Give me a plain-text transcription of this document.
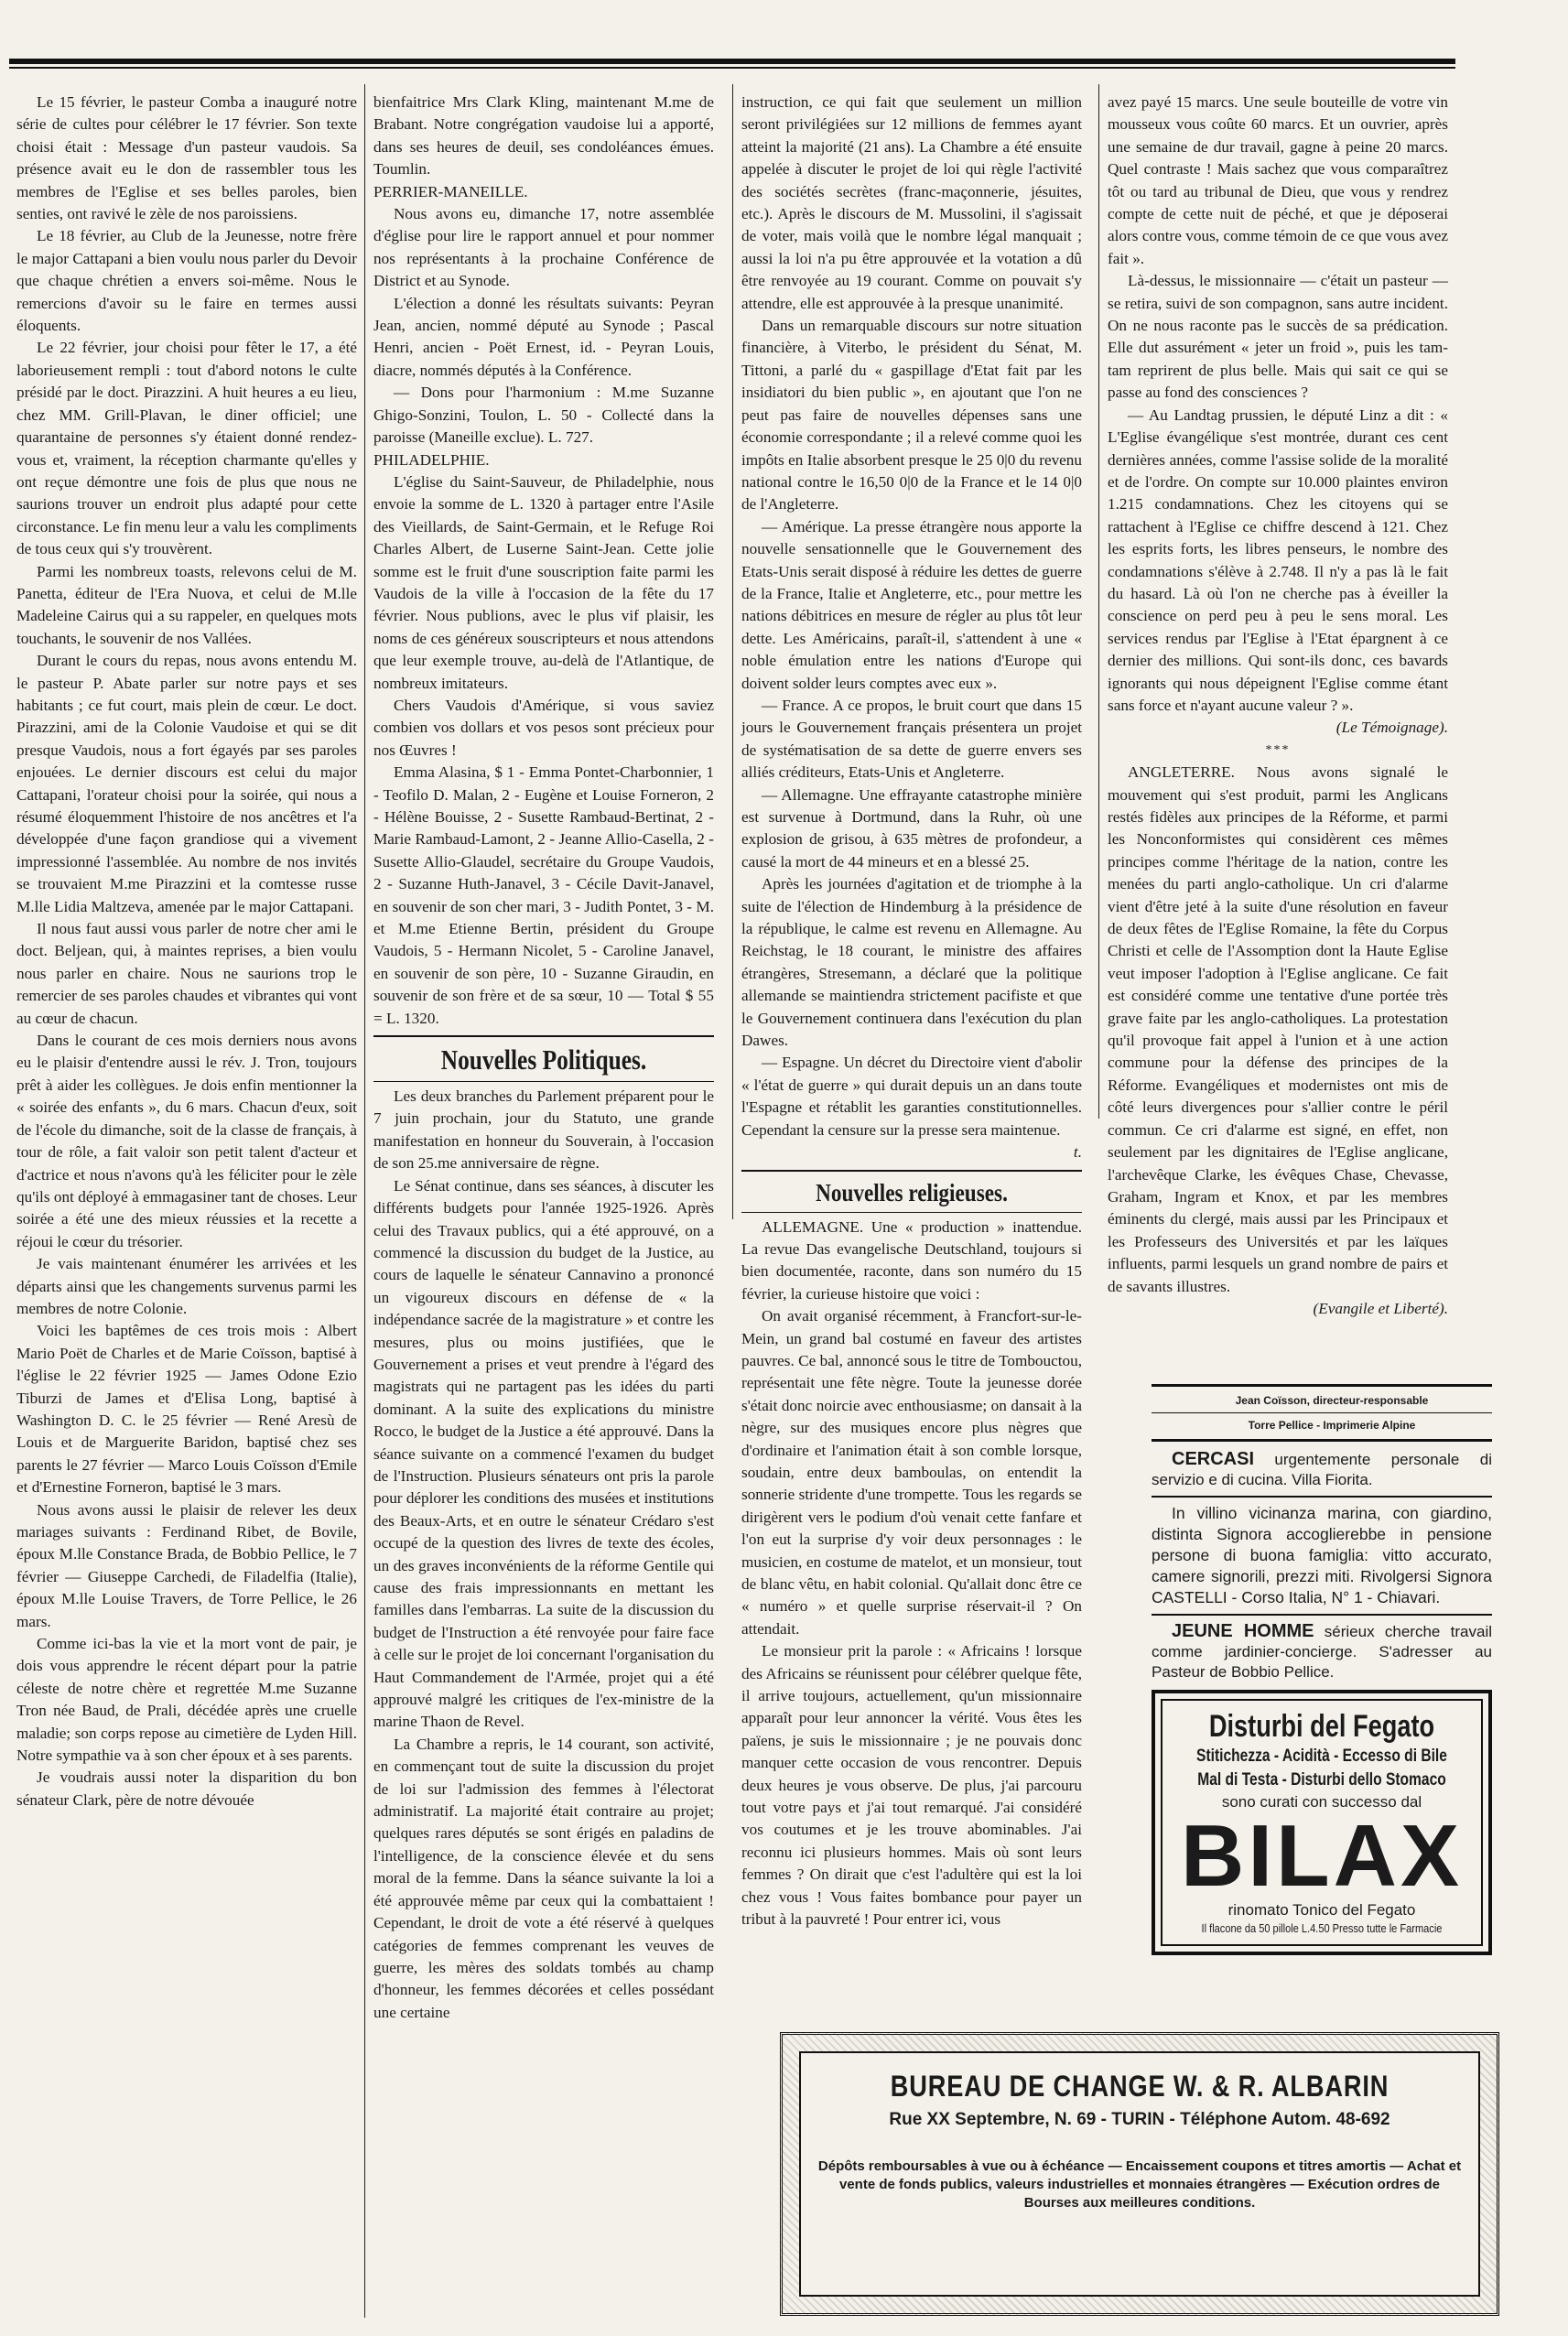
Le 15 février, le pasteur Comba a inauguré notre série de cultes pour célébrer le 17 février. Son texte choisi était : Message d'un pasteur vaudois. Sa présence avait eu le don de rassembler tous les membres de l'Eglise et ses belles paroles, bien senties, ont ravivé le zèle de nos paroissiens.

Le 18 février, au Club de la Jeunesse, notre frère le major Cattapani a bien voulu nous parler du Devoir que chaque chrétien a envers soi-même. Nous le remercions d'avoir su le faire en termes aussi éloquents.

Le 22 février, jour choisi pour fêter le 17, a été laborieusement rempli : tout d'abord notons le culte présidé par le doct. Pirazzini. A huit heures a eu lieu, chez MM. Grill-Plavan, le diner officiel; une quarantaine de personnes s'y étaient donné rendez-vous et, vraiment, la réception charmante qu'elles y ont reçue démontre une fois de plus que nous ne saurions trouver un endroit plus adapté pour cette circonstance. Le fin menu leur a valu les compliments de tous ceux qui s'y trouvèrent.

Parmi les nombreux toasts, relevons celui de M. Panetta, éditeur de l'Era Nuova, et celui de M.lle Madeleine Cairus qui a su rappeler, en quelques mots touchants, le souvenir de nos Vallées.

Durant le cours du repas, nous avons entendu M. le pasteur P. Abate parler sur notre pays et ses habitants ; ce fut court, mais plein de cœur. Le doct. Pirazzini, ami de la Colonie Vaudoise et qui se dit presque Vaudois, nous a fort égayés par ses paroles enjouées. Le dernier discours est celui du major Cattapani, l'orateur choisi pour la soirée, qui nous a résumé éloquemment l'histoire de nos ancêtres et l'a développée d'une façon grandiose qui a vivement impressionné l'assemblée. Au nombre de nos invités se trouvaient M.me Pirazzini et la comtesse russe M.lle Lidia Maltzeva, amenée par le major Cattapani.

Il nous faut aussi vous parler de notre cher ami le doct. Beljean, qui, à maintes reprises, a bien voulu nous parler en chaire. Nous ne saurions trop le remercier de ses paroles chaudes et vibrantes qui vont au cœur de chacun.

Dans le courant de ces mois derniers nous avons eu le plaisir d'entendre aussi le rév. J. Tron, toujours prêt à aider les collègues. Je dois enfin mentionner la « soirée des enfants », du 6 mars. Chacun d'eux, soit de l'école du dimanche, soit de la classe de français, à tour de rôle, a fait valoir son petit talent d'acteur et d'actrice et nous n'avons qu'à les féliciter pour le zèle qu'ils ont déployé à emmagasiner tant de choses. Leur soirée a été une des mieux réussies et la recette a réjoui le cœur du trésorier.

Je vais maintenant énumérer les arrivées et les départs ainsi que les changements survenus parmi les membres de notre Colonie.

Voici les baptêmes de ces trois mois : Albert Mario Poët de Charles et de Marie Coïsson, baptisé à l'église le 22 février 1925 — James Odone Ezio Tiburzi de James et d'Elisa Long, baptisé à Washington D. C. le 25 février — René Aresù de Louis et de Marguerite Baridon, baptisé chez ses parents le 27 février — Marco Louis Coïsson d'Emile et d'Ernestine Forneron, baptisé le 3 mars.

Nous avons aussi le plaisir de relever les deux mariages suivants : Ferdinand Ribet, de Bovile, époux M.lle Constance Brada, de Bobbio Pellice, le 7 février — Giuseppe Carchedi, de Filadelfia (Italie), époux M.lle Louise Travers, de Torre Pellice, le 26 mars.

Comme ici-bas la vie et la mort vont de pair, je dois vous apprendre le récent départ pour la patrie céleste de notre chère et regrettée M.me Suzanne Tron née Baud, de Prali, décédée après une cruelle maladie; son corps repose au cimetière de Lyden Hill. Notre sympathie va à son cher époux et à ses parents.

Je voudrais aussi noter la disparition du bon sénateur Clark, père de notre dévouée

bienfaitrice Mrs Clark Kling, maintenant M.me de Brabant. Notre congrégation vaudoise lui a apporté, dans ses heures de deuil, ses condoléances émues. Toumlin.

PERRIER-MANEILLE.

Nous avons eu, dimanche 17, notre assemblée d'église pour lire le rapport annuel et pour nommer nos représentants à la prochaine Conférence de District et au Synode.

L'élection a donné les résultats suivants: Peyran Jean, ancien, nommé député au Synode ; Pascal Henri, ancien - Poët Ernest, id. - Peyran Louis, diacre, nommés députés à la Conférence.

— Dons pour l'harmonium : M.me Suzanne Ghigo-Sonzini, Toulon, L. 50 - Collecté dans la paroisse (Maneille exclue). L. 727.

PHILADELPHIE.

L'église du Saint-Sauveur, de Philadelphie, nous envoie la somme de L. 1320 à partager entre l'Asile des Vieillards, de Saint-Germain, et le Refuge Roi Charles Albert, de Luserne Saint-Jean. Cette jolie somme est le fruit d'une souscription faite parmi les Vaudois de la ville à l'occasion de la fête du 17 février. Nous publions, avec le plus vif plaisir, les noms de ces généreux souscripteurs et nous attendons que leur exemple trouve, au-delà de l'Atlantique, de nombreux imitateurs.

Chers Vaudois d'Amérique, si vous saviez combien vos dollars et vos pesos sont précieux pour nos Œuvres !

Emma Alasina, $ 1 - Emma Pontet-Charbonnier, 1 - Teofilo D. Malan, 2 - Eugène et Louise Forneron, 2 - Hélène Bouisse, 2 - Susette Rambaud-Bertinat, 2 - Marie Rambaud-Lamont, 2 - Jeanne Allio-Casella, 2 - Susette Allio-Glaudel, secrétaire du Groupe Vaudois, 2 - Suzanne Huth-Janavel, 3 - Cécile Davit-Janavel, en souvenir de son cher mari, 3 - Judith Pontet, 3 - M. et M.me Etienne Bertin, président du Groupe Vaudois, 5 - Hermann Nicolet, 5 - Caroline Janavel, en souvenir de son père, 10 - Suzanne Giraudin, en souvenir de son frère et de sa sœur, 10 — Total $ 55 = L. 1320.

Nouvelles Politiques.

Les deux branches du Parlement préparent pour le 7 juin prochain, jour du Statuto, une grande manifestation en honneur du Souverain, à l'occasion de son 25.me anniversaire de règne.

Le Sénat continue, dans ses séances, à discuter les différents budgets pour l'année 1925-1926. Après celui des Travaux publics, qui a été approuvé, on a commencé la discussion du budget de la Justice, au cours de laquelle le sénateur Cannavino a prononcé un vigoureux discours en défense de « la indépendance sacrée de la magistrature » et contre les mesures, plus ou moins justifiées, que le Gouvernement a prises et veut prendre à l'égard des magistrats qui ne partagent pas les idées du parti dominant. A la suite des explications du ministre Rocco, le budget de la Justice a été approuvé. Dans la séance suivante on a commencé l'examen du budget de l'Instruction. Plusieurs sénateurs ont pris la parole pour déplorer les conditions des musées et institutions des Beaux-Arts, et en outre le sénateur Crédaro s'est occupé de la question des livres de texte des écoles, un des graves inconvénients de la réforme Gentile qui cause des frais impressionnants en mettant les familles dans l'embarras. La suite de la discussion du budget de l'Instruction a été renvoyée pour faire face à celle sur le projet de loi concernant l'organisation du Haut Commandement de l'Armée, projet qui a été approuvé malgré les critiques de l'ex-ministre de la marine Thaon de Revel.

La Chambre a repris, le 14 courant, son activité, en commençant tout de suite la discussion du projet de loi sur l'admission des femmes à l'électorat administratif. La majorité était contraire au projet; quelques rares députés se sont érigés en paladins de l'intelligence, de la conscience élevée et du sens moral de la femme. Dans la séance suivante la loi a été approuvée même par ceux qui la combattaient ! Cependant, le droit de vote a été réservé à quelques catégories de femmes comprenant les veuves de guerre, les mères des soldats tombés au champ d'honneur, les femmes décorées et celles possédant une certaine

instruction, ce qui fait que seulement un million seront privilégiées sur 12 millions de femmes ayant atteint la majorité (21 ans). La Chambre a été ensuite appelée à discuter le projet de loi qui règle l'activité des sociétés secrètes (franc-maçonnerie, jésuites, etc.). Après le discours de M. Mussolini, il s'agissait de voter, mais voilà que le nombre légal manquait ; aussi la loi n'a pu être approuvée et la votation a dû être renvoyée au 19 courant. Comme on pouvait s'y attendre, elle est approuvée à la presque unanimité.

Dans un remarquable discours sur notre situation financière, à Viterbo, le président du Sénat, M. Tittoni, a parlé du « gaspillage d'Etat fait par les insidiatori du bien public », en ajoutant que l'on ne peut pas faire de nouvelles dépenses sans une économie correspondante ; il a relevé comme quoi les impôts en Italie absorbent presque le 25 0|0 du revenu national contre le 16,50 0|0 de la France et le 14 0|0 de l'Angleterre.

— Amérique. La presse étrangère nous apporte la nouvelle sensationnelle que le Gouvernement des Etats-Unis serait disposé à réduire les dettes de guerre de la France, Italie et Angleterre, etc., pour mettre les nations débitrices en mesure de régler au plus tôt leur dette. Les Américains, paraît-il, s'attendent à une « noble émulation entre les nations d'Europe qui doivent solder leurs comptes avec eux ».

— France. A ce propos, le bruit court que dans 15 jours le Gouvernement français présentera un projet de systématisation de sa dette de guerre envers ses alliés créditeurs, Etats-Unis et Angleterre.

— Allemagne. Une effrayante catastrophe minière est survenue à Dortmund, dans la Ruhr, où une explosion de grisou, à 635 mètres de profondeur, a causé la mort de 44 mineurs et en a blessé 25.

Après les journées d'agitation et de triomphe à la suite de l'élection de Hindemburg à la présidence de la république, le calme est revenu en Allemagne. Au Reichstag, le 18 courant, le ministre des affaires étrangères, Stresemann, a déclaré que la politique allemande se maintiendra strictement pacifiste et que le Gouvernement continuera dans l'exécution du plan Dawes.

— Espagne. Un décret du Directoire vient d'abolir « l'état de guerre » qui durait depuis un an dans toute l'Espagne et rétablit les garanties constitutionnelles. Cependant la censure sur la presse sera maintenue.

t.
Nouvelles religieuses.

ALLEMAGNE. Une « production » inattendue. La revue Das evangelische Deutschland, toujours si bien documentée, raconte, dans son numéro du 15 février, la curieuse histoire que voici :

On avait organisé récemment, à Francfort-sur-le-Mein, un grand bal costumé en faveur des artistes pauvres. Ce bal, annoncé sous le titre de Tombouctou, représentait une fête nègre. Toute la jeunesse dorée s'était donc noircie avec enthousiasme; on dansait à la nègre, sur des musiques encore plus nègres que d'ordinaire et l'animation était à son comble lorsque, soudain, entre deux bamboulas, on entendit la sonnerie stridente d'une trompette. Tous les regards se dirigèrent vers le podium d'où venait cette fanfare et l'on eut la surprise d'y voir deux personnages : le musicien, en costume de matelot, et un monsieur, tout de blanc vêtu, en habit colonial. Qu'allait donc être ce « numéro » et quelle surprise réservait-il ? On attendait.

Le monsieur prit la parole : « Africains ! lorsque des Africains se réunissent pour célébrer quelque fête, il arrive toujours, actuellement, qu'un missionnaire apparaît pour leur annoncer la vérité. Vous êtes les païens, je suis le missionnaire ; je ne pouvais donc manquer cette occasion de vous rencontrer. Depuis deux heures je vous observe. De plus, j'ai parcouru tout votre pays et j'ai tout remarqué. J'ai considéré vos coutumes et je les trouve abominables. J'ai reconnu ici plusieurs hommes. Mais où sont leurs femmes ? On dirait que c'est l'adultère qui est la loi chez vous ! Vous faites bombance pour payer un tribut à la pauvreté ! Pour entrer ici, vous

avez payé 15 marcs. Une seule bouteille de votre vin mousseux vous coûte 60 marcs. Et un ouvrier, après une semaine de dur travail, gagne à peine 20 marcs. Quel contraste ! Mais sachez que vous comparaîtrez tôt ou tard au tribunal de Dieu, que vous y rendrez compte de cette nuit de péché, et que je déposerai alors contre vous, comme témoin de ce que vous avez fait ».

Là-dessus, le missionnaire — c'était un pasteur — se retira, suivi de son compagnon, sans autre incident. On ne nous raconte pas le succès de sa prédication. Elle dut assurément « jeter un froid », puis les tam-tam reprirent de plus belle. Mais qui sait ce qui se passe au fond des consciences ?

— Au Landtag prussien, le député Linz a dit : « L'Eglise évangélique s'est montrée, durant ces cent dernières années, comme l'assise solide de la moralité et de l'ordre. On compte sur 10.000 plaintes environ 1.215 condamnations. Chez les citoyens qui se rattachent à l'Eglise ce chiffre descend à 121. Chez les esprits forts, les libres penseurs, le nombre des condamnations s'élève à 2.748. Il n'y a pas là le fait du hasard. Là où l'on ne cherche pas à éveiller la conscience on perd peu à peu le sens moral. Les services rendus par l'Eglise à l'Etat épargnent à ce dernier des millions. Qui sont-ils donc, ces bavards ignorants qui nous dépeignent l'Eglise comme étant sans force et n'ayant aucune valeur ? ».

(Le Témoignage).
***

ANGLETERRE. Nous avons signalé le mouvement qui s'est produit, parmi les Anglicans restés fidèles aux principes de la Réforme, et parmi les Nonconformistes qui considèrent ces mêmes principes comme l'héritage de la nation, contre les menées du parti anglo-catholique. Un cri d'alarme vient d'être jeté à la suite d'une résolution en faveur de deux fêtes de l'Eglise Romaine, la fête du Corpus Christi et celle de l'Assomption dont la Haute Eglise veut imposer l'adoption à l'Eglise anglicane. Ce fait est considéré comme une tentative d'une portée très grave faite par les anglo-catholiques. La protestation qu'il provoque fait appel à l'union et à une action commune pour la défense des principes de la Réforme. Evangéliques et modernistes ont mis de côté leurs divergences pour s'allier contre le péril commun. Ce cri d'alarme est signé, en effet, non seulement par les dignitaires de l'Eglise anglicane, l'archevêque Clarke, les évêques Chase, Chevasse, Graham, Ingram et Knox, et par les membres éminents du clergé, mais aussi par les Principaux et les Professeurs des Universités et par les laïques influents, parmi lesquels un grand nombre de pairs et de savants illustres.

(Evangile et Liberté).

Jean Coïsson, directeur-responsable

Torre Pellice - Imprimerie Alpine

CERCASI urgentemente personale di servizio e di cucina. Villa Fiorita.

In villino vicinanza marina, con giardino, distinta Signora accoglierebbe in pensione persone di buona famiglia: vitto accurato, camere signorili, prezzi miti. Rivolgersi Signora CASTELLI - Corso Italia, N° 1 - Chiavari.

JEUNE HOMME sérieux cherche travail comme jardinier-concierge. S'adresser au Pasteur de Bobbio Pellice.

Disturbi del Fegato
Stitichezza - Acidità - Eccesso di Bile
Mal di Testa - Disturbi dello Stomaco
sono curati con successo dal
BILAX
rinomato Tonico del Fegato
Il flacone da 50 pillole L.4.50 Presso tutte le Farmacie
BUREAU DE CHANGE W. & R. ALBARIN
Rue XX Septembre, N. 69 - TURIN - Téléphone Autom. 48-692
Dépôts remboursables à vue ou à échéance — Encaissement coupons et titres amortis — Achat et vente de fonds publics, valeurs industrielles et monnaies étrangères — Exécution ordres de Bourses aux meilleures conditions.
